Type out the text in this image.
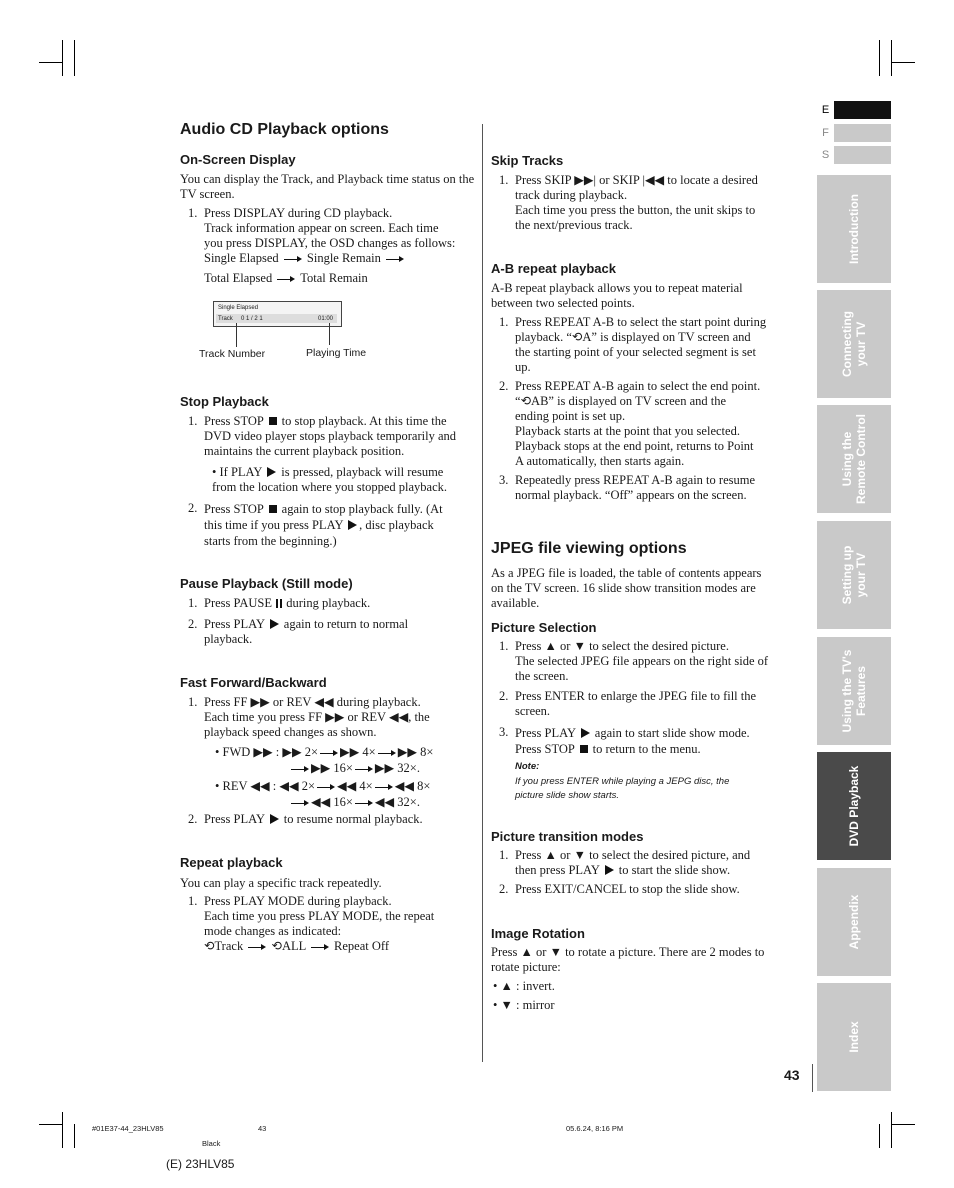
Audio CD Playback options
On-Screen Display
You can display the Track, and Playback time status on the TV screen.
1. Press DISPLAY during CD playback.
Track information appear on screen. Each time
you press DISPLAY, the OSD changes as follows:
Single Elapsed Single Remain
Total Elapsed Total Remain
Single Elapsed
Track 0 1 / 2 1	01:00
Track Number	Playing Time
Stop Playback
1. Press STOP to stop playback. At this time the
DVD video player stops playback temporarily and
maintains the current playback position.
• If PLAY is pressed, playback will resume
from the location where you stopped playback.
2. Press STOP again to stop playback fully. (At
this time if you press PLAY , disc playback
starts from the beginning.)
Pause Playback (Still mode)
1. Press PAUSE during playback.
2. Press PLAY again to return to normal
playback.
Fast Forward/Backward
1. Press FF ▶▶ or REV ◀◀ during playback.
Each time you press FF ▶▶ or REV ◀◀, the
playback speed changes as shown.
• FWD ▶▶ : ▶▶ 2× ▶▶ 4× ▶▶ 8×
▶▶ 16× ▶▶ 32×.
• REV ◀◀ : ◀◀ 2× ◀◀ 4× ◀◀ 8×
◀◀ 16× ◀◀ 32×.
2. Press PLAY to resume normal playback.
Repeat playback
You can play a specific track repeatedly.
1. Press PLAY MODE during playback.
Each time you press PLAY MODE, the repeat
mode changes as indicated:
⟲Track ⟲ALL Repeat Off
Skip Tracks
1. Press SKIP ▶▶| or SKIP |◀◀ to locate a desired
track during playback.
Each time you press the button, the unit skips to
the next/previous track.
A-B repeat playback
A-B repeat playback allows you to repeat material
between two selected points.
1. Press REPEAT A-B to select the start point during
playback. “⟲A” is displayed on TV screen and
the starting point of your selected segment is set
up.
2. Press REPEAT A-B again to select the end point.
“⟲AB” is displayed on TV screen and the
ending point is set up.
Playback starts at the point that you selected.
Playback stops at the end point, returns to Point
A automatically, then starts again.
3. Repeatedly press REPEAT A-B again to resume
normal playback. “Off” appears on the screen.
JPEG file viewing options
As a JPEG file is loaded, the table of contents appears
on the TV screen. 16 slide show transition modes are
available.
Picture Selection
1. Press ▲ or ▼ to select the desired picture.
The selected JPEG file appears on the right side of
the screen.
2. Press ENTER to enlarge the JPEG file to fill the
screen.
3. Press PLAY again to start slide show mode.
Press STOP to return to the menu.
Note:
If you press ENTER while playing a JEPG disc, the
picture slide show starts.
Picture transition modes
1. Press ▲ or ▼ to select the desired picture, and
then press PLAY to start the slide show.
2. Press EXIT/CANCEL to stop the slide show.
Image Rotation
Press ▲ or ▼ to rotate a picture. There are 2 modes to
rotate picture:
• ▲ : invert.
• ▼ : mirror
E
F
S
Introduction
Connecting your TV
Using the Remote Control
Setting up your TV
Using the TV's Features
DVD Playback
Appendix
Index
43
#01E37-44_23HLV85	43	05.6.24, 8:16 PM
Black
(E) 23HLV85
